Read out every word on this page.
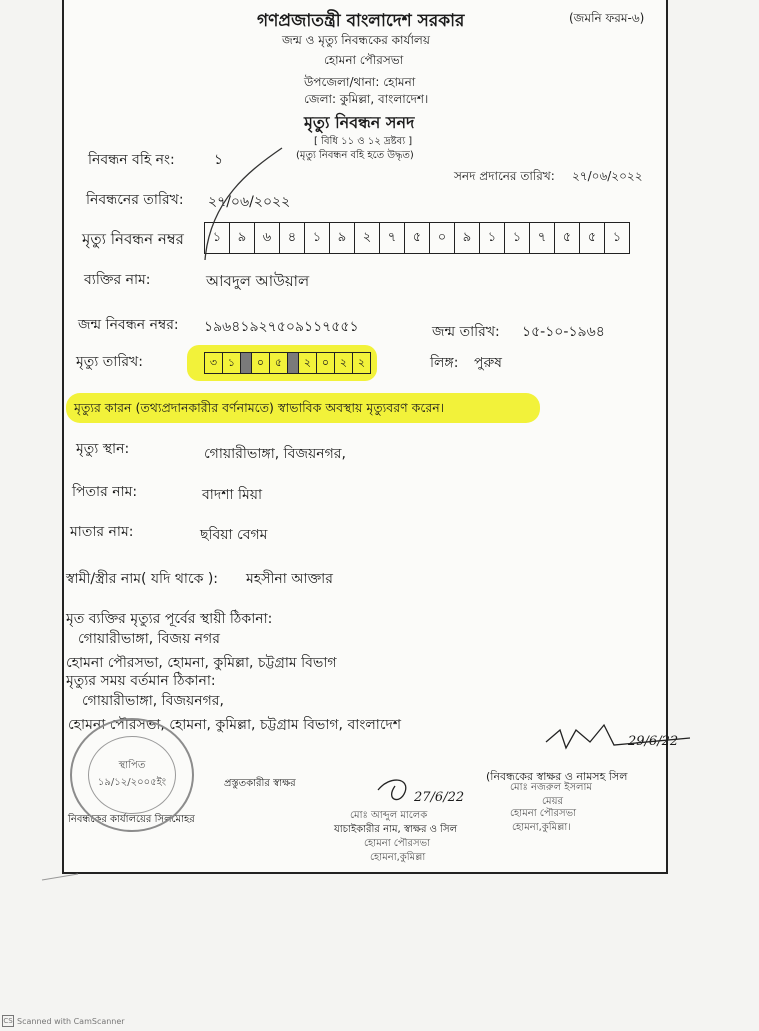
গণপ্রজাতন্ত্রী বাংলাদেশ সরকার	(জমনি ফরম-৬)
জন্ম ও মৃত্যু নিবন্ধকের কার্যালয়
হোমনা পৌরসভা
উপজেলা/থানা: হোমনা
জেলা: কুমিল্লা, বাংলাদেশ।
মৃত্যু নিবন্ধন সনদ
[ বিধি ১১ ও ১২ দ্রষ্টব্য ]
(মৃত্যু নিবন্ধন বহি হতে উদ্ধৃত)
নিবন্ধন বহি নং:	১
সনদ প্রদানের তারিখ: ২৭/০৬/২০২২
নিবন্ধনের তারিখ: ২৭/০৬/২০২২
মৃত্যু নিবন্ধন নম্বর	১	৯	৬	৪	১	৯	২	৭	৫	০	৯	১	১	৭	৫	৫	১
ব্যক্তির নাম:	আবদুল আউয়াল
জন্ম নিবন্ধন নম্বর: ১৯৬৪১৯২৭৫০৯১১৭৫৫১	জন্ম তারিখ: ১৫-১০-১৯৬৪
মৃত্যু তারিখ:	৩ ১	০ ৫	২ ০ ২ ২	লিঙ্গ: পুরুষ
মৃত্যুর কারন (তথ্যপ্রদানকারীর বর্ণনামতে) স্বাভাবিক অবস্থায় মৃত্যুবরণ করেন।
মৃত্যু স্থান:	গোয়ারীভাঙ্গা, বিজয়নগর,
পিতার নাম:	বাদশা মিয়া
মাতার নাম:	ছবিয়া বেগম
স্বামী/স্ত্রীর নাম( যদি থাকে ): মহসীনা আক্তার
মৃত ব্যক্তির মৃত্যুর পূর্বের স্থায়ী ঠিকানা:
গোয়ারীভাঙ্গা, বিজয় নগর
হোমনা পৌরসভা, হোমনা, কুমিল্লা, চট্টগ্রাম বিভাগ
মৃত্যুর সময় বর্তমান ঠিকানা:
গোয়ারীভাঙ্গা, বিজয়নগর,
হোমনা পৌরসভা, হোমনা, কুমিল্লা, চট্টগ্রাম বিভাগ, বাংলাদেশ
প্রস্তুতকারীর স্বাক্ষর
(নিবন্ধকের স্বাক্ষর ও নামসহ সিল
নিবন্ধকের কার্যালয়ের সিলমোহর
যাচাইকারীর নাম, স্বাক্ষর ও সিল
মোঃ নজরুল ইসলাম
মেয়র
হোমনা পৌরসভা
হোমনা,কুমিল্লা।
মোঃ আব্দুল মালেক
হোমনা পৌরসভা
হোমনা,কুমিল্লা
29/6/22
27/6/22
স্থাপিত
১৯/১২/২০০৫ইং
CS Scanned with CamScanner
